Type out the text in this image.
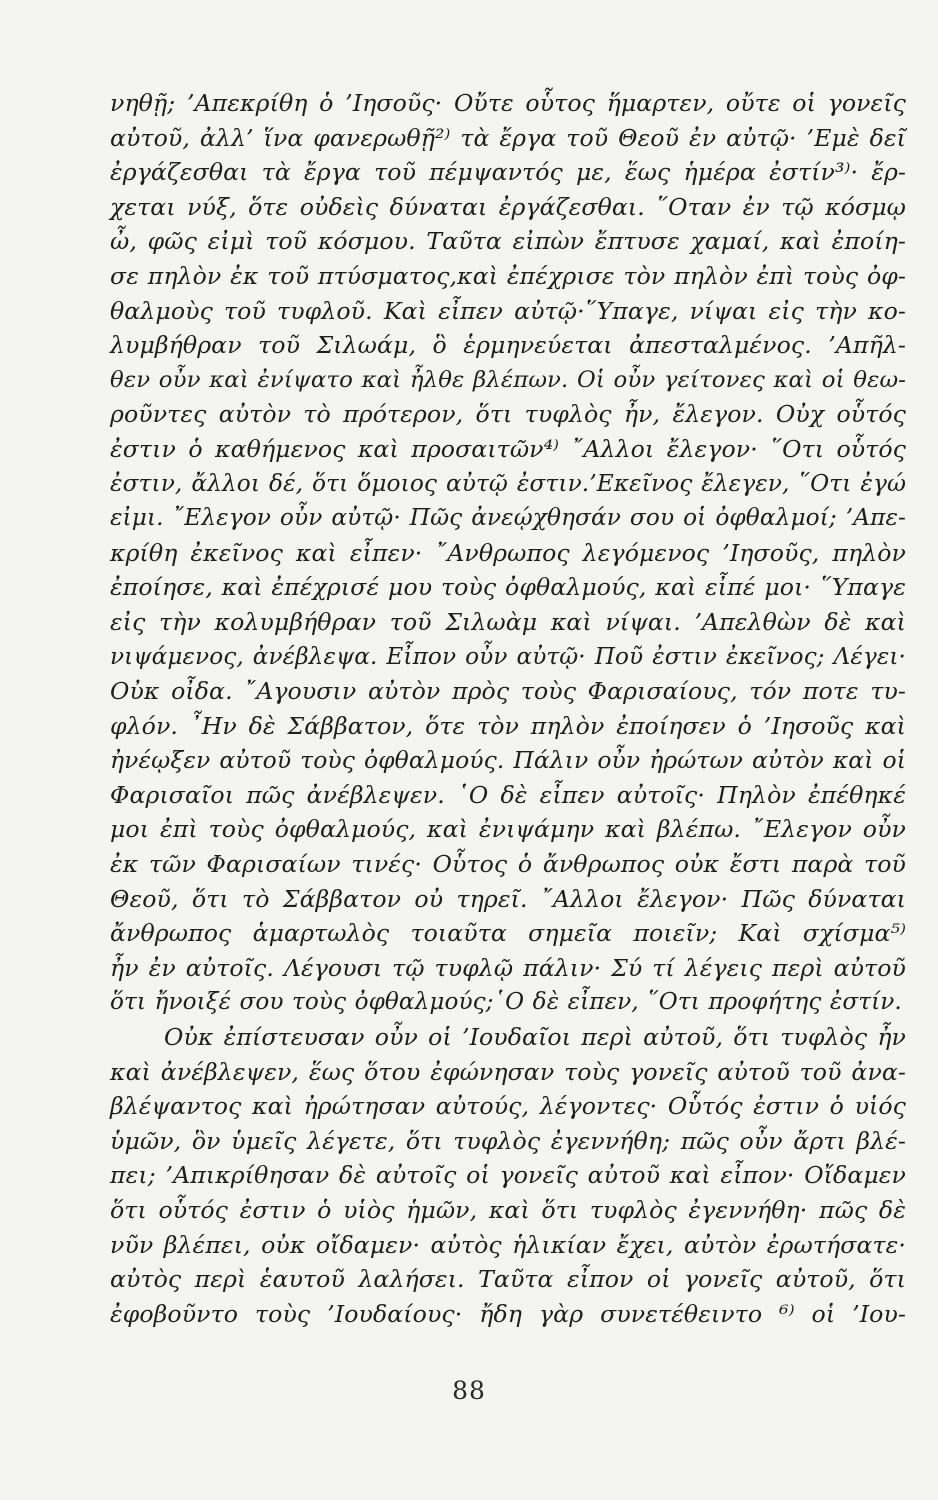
νηθῇ; ’Απεκρίθη ὁ ’Ιησοῦς· Οὔτε οὗτος ἥμαρτεν, οὔτε οἱ γονεῖς
αὐτοῦ, ἀλλ’ ἵνα φανερωθῇ²⁾ τὰ ἔργα τοῦ Θεοῦ ἐν αὐτῷ· ’Εμὲ δεῖ
ἐργάζεσθαι τὰ ἔργα τοῦ πέμψαντός με, ἕως ἡμέρα ἐστίν³⁾· ἔρ-
χεται νύξ, ὅτε οὐδεὶς δύναται ἐργάζεσθαι. ῞Οταν ἐν τῷ κόσμῳ
ὦ, φῶς εἰμὶ τοῦ κόσμου. Ταῦτα εἰπὼν ἔπτυσε χαμαί, καὶ ἐποίη-
σε πηλὸν ἐκ τοῦ πτύσματος,καὶ ἐπέχρισε τὸν πηλὸν ἐπὶ τοὺς ὀφ-
θαλμοὺς τοῦ τυφλοῦ. Καὶ εἶπεν αὐτῷ·῞Υπαγε, νίψαι εἰς τὴν κο-
λυμβήθραν τοῦ Σιλωάμ, ὃ ἑρμηνεύεται ἀπεσταλμένος. ’Απῆλ-
θεν οὖν καὶ ἐνίψατο καὶ ἦλθε βλέπων. Οἱ οὖν γείτονες καὶ οἱ θεω-
ροῦντες αὐτὸν τὸ πρότερον, ὅτι τυφλὸς ἦν, ἔλεγον. Οὐχ οὗτός
ἐστιν ὁ καθήμενος καὶ προσαιτῶν⁴⁾ ῎Αλλοι ἔλεγον· ῞Οτι οὗτός
ἐστιν, ἄλλοι δέ, ὅτι ὅμοιος αὐτῷ ἐστιν.’Εκεῖνος ἔλεγεν, ῞Οτι ἐγώ
εἰμι. ῎Ελεγον οὖν αὐτῷ· Πῶς ἀνεῴχθησάν σου οἱ ὀφθαλμοί; ’Απε-
κρίθη ἐκεῖνος καὶ εἶπεν· ῎Ανθρωπος λεγόμενος ’Ιησοῦς, πηλὸν
ἐποίησε, καὶ ἐπέχρισέ μου τοὺς ὀφθαλμούς, καὶ εἶπέ μοι· ῞Υπαγε
εἰς τὴν κολυμβήθραν τοῦ Σιλωὰμ καὶ νίψαι. ’Απελθὼν δὲ καὶ
νιψάμενος, ἀνέβλεψα. Εἶπον οὖν αὐτῷ· Ποῦ ἐστιν ἐκεῖνος; Λέγει·
Οὐκ οἶδα. ῎Αγουσιν αὐτὸν πρὸς τοὺς Φαρισαίους, τόν ποτε τυ-
φλόν. ῏Ην δὲ Σάββατον, ὅτε τὸν πηλὸν ἐποίησεν ὁ ’Ιησοῦς καὶ
ἠνέῳξεν αὐτοῦ τοὺς ὀφθαλμούς. Πάλιν οὖν ἠρώτων αὐτὸν καὶ οἱ
Φαρισαῖοι πῶς ἀνέβλεψεν. ῾Ο δὲ εἶπεν αὐτοῖς· Πηλὸν ἐπέθηκέ
μοι ἐπὶ τοὺς ὀφθαλμούς, καὶ ἐνιψάμην καὶ βλέπω. ῎Ελεγον οὖν
ἐκ τῶν Φαρισαίων τινές· Οὗτος ὁ ἄνθρωπος οὐκ ἔστι παρὰ τοῦ
Θεοῦ, ὅτι τὸ Σάββατον οὐ τηρεῖ. ῎Αλλοι ἔλεγον· Πῶς δύναται
ἄνθρωπος ἁμαρτωλὸς τοιαῦτα σημεῖα ποιεῖν; Καὶ σχίσμα⁵⁾
ἦν ἐν αὐτοῖς. Λέγουσι τῷ τυφλῷ πάλιν· Σύ τί λέγεις περὶ αὐτοῦ
ὅτι ἤνοιξέ σου τοὺς ὀφθαλμούς;῾Ο δὲ εἶπεν, ῞Οτι προφήτης ἐστίν.
Οὐκ ἐπίστευσαν οὖν οἱ ’Ιουδαῖοι περὶ αὐτοῦ, ὅτι τυφλὸς ἦν
καὶ ἀνέβλεψεν, ἕως ὅτου ἐφώνησαν τοὺς γονεῖς αὐτοῦ τοῦ ἀνα-
βλέψαντος καὶ ἠρώτησαν αὐτούς, λέγοντες· Οὗτός ἐστιν ὁ υἱός
ὑμῶν, ὃν ὑμεῖς λέγετε, ὅτι τυφλὸς ἐγεννήθη; πῶς οὖν ἄρτι βλέ-
πει; ’Απικρίθησαν δὲ αὐτοῖς οἱ γονεῖς αὐτοῦ καὶ εἶπον· Οἴδαμεν
ὅτι οὗτός ἐστιν ὁ υἱὸς ἡμῶν, καὶ ὅτι τυφλὸς ἐγεννήθη· πῶς δὲ
νῦν βλέπει, οὐκ οἴδαμεν· αὐτὸς ἡλικίαν ἔχει, αὐτὸν ἐρωτήσατε·
αὐτὸς περὶ ἑαυτοῦ λαλήσει. Ταῦτα εἶπον οἱ γονεῖς αὐτοῦ, ὅτι
ἐφοβοῦντο τοὺς ’Ιουδαίους· ἤδη γὰρ συνετέθειντο ⁶⁾ οἱ ’Ιου-
88
